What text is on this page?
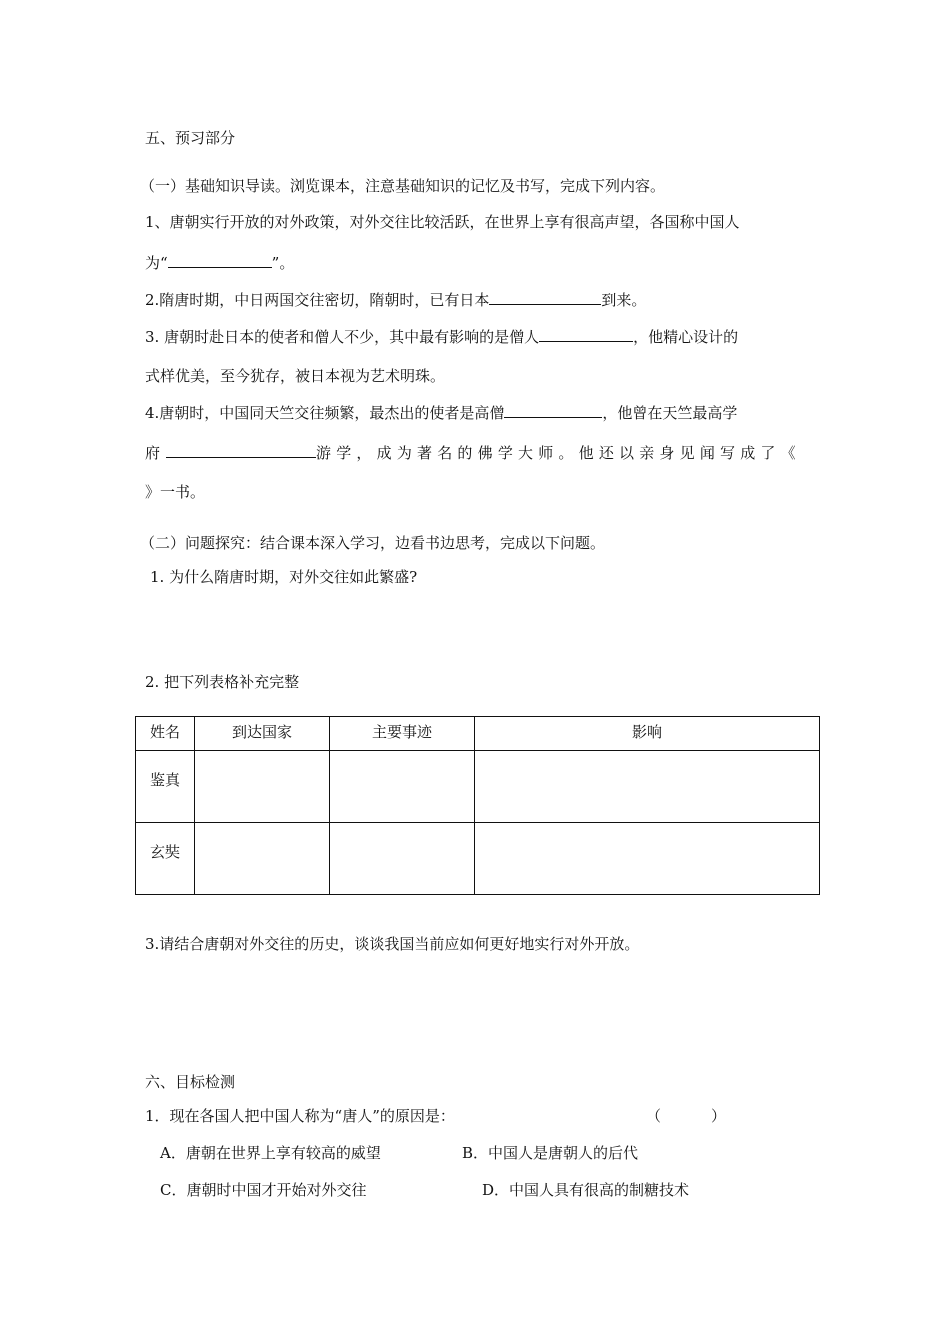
五、预习部分
（一）基础知识导读。浏览课本，注意基础知识的记忆及书写，完成下列内容。
1、唐朝实行开放的对外政策，对外交往比较活跃，在世界上享有很高声望，各国称中国人
为“	”。
2.隋唐时期，中日两国交往密切，隋朝时，已有日本	到来。
3. 唐朝时赴日本的使者和僧人不少，其中最有影响的是僧人	，他精心设计的
式样优美，至今犹存，被日本视为艺术明珠。
4.唐朝时，中国同天竺交往频繁，最杰出的使者是高僧	，他曾在天竺最高学
府	游学，成为著名的佛学大师。他还以亲身见闻写成了《
》一书。
（二）问题探究：结合课本深入学习，边看书边思考，完成以下问题。
1. 为什么隋唐时期，对外交往如此繁盛?
2. 把下列表格补充完整
姓名	到达国家	主要事迹	影响
鉴真			
玄奘			
3.请结合唐朝对外交往的历史，谈谈我国当前应如何更好地实行对外开放。
六、目标检测
1．现在各国人把中国人称为“唐人”的原因是：	（	）
A．唐朝在世界上享有较高的威望	B．中国人是唐朝人的后代
C．唐朝时中国才开始对外交往	D．中国人具有很高的制糖技术
